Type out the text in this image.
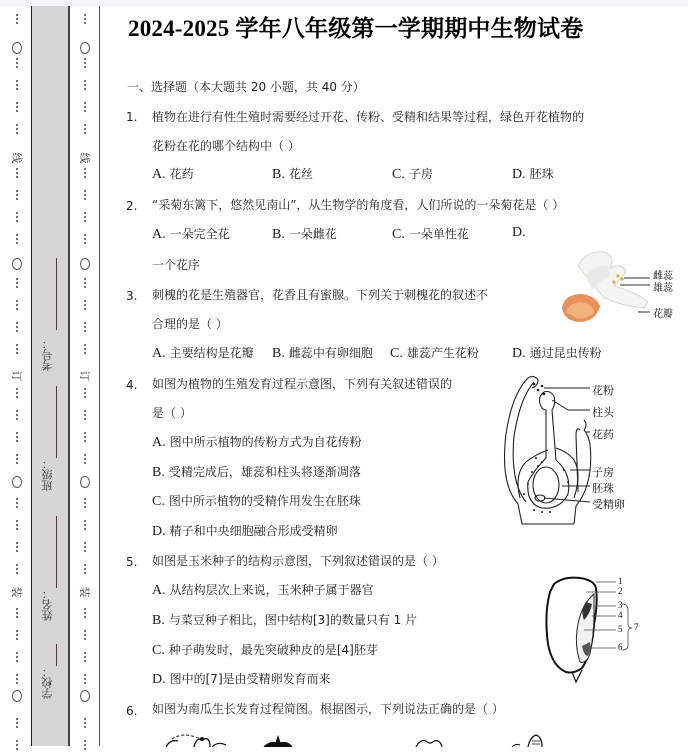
线
订
装
学校：
姓名：
班级：
考号：
线
订
装
2024-2025 学年八年级第一学期期中生物试卷
一、选择题（本大题共 20 小题，共 40 分）
1. 植物在进行有性生殖时需要经过开花、传粉、受精和结果等过程，绿色开花植物的
花粉在花的哪个结构中（ ）
A. 花药	B. 花丝	C. 子房	D. 胚珠
2. “采菊东篱下，悠然见南山”，从生物学的角度看，人们所说的一朵菊花是（ ）
A. 一朵完全花	B. 一朵雌花	C. 一朵单性花	D.
一个花序
3. 刺槐的花是生殖器官，花香且有蜜腺。下列关于刺槐花的叙述不
合理的是（ ）
A. 主要结构是花瓣 B. 雌蕊中有卵细胞 C. 雄蕊产生花粉 D. 通过昆虫传粉
雌蕊
雄蕊
花瓣
4. 如图为植物的生殖发育过程示意图，下列有关叙述错误的
是（ ）
A. 图中所示植物的传粉方式为自花传粉
B. 受精完成后，雄蕊和柱头将逐渐凋落
C. 图中所示植物的受精作用发生在胚珠
D. 精子和中央细胞融合形成受精卵
花粉
柱头
花药
子房
胚珠
受精卵
5. 如图是玉米种子的结构示意图，下列叙述错误的是（ ）
A. 从结构层次上来说，玉米种子属于器官
B. 与菜豆种子相比，图中结构[3]的数量只有 1 片
C. 种子萌发时，最先突破种皮的是[4]胚芽
D. 图中的[7]是由受精卵发育而来
1
2
3
4
5
6
7
6. 如图为南瓜生长发育过程简图。根据图示，下列说法正确的是（ ）
